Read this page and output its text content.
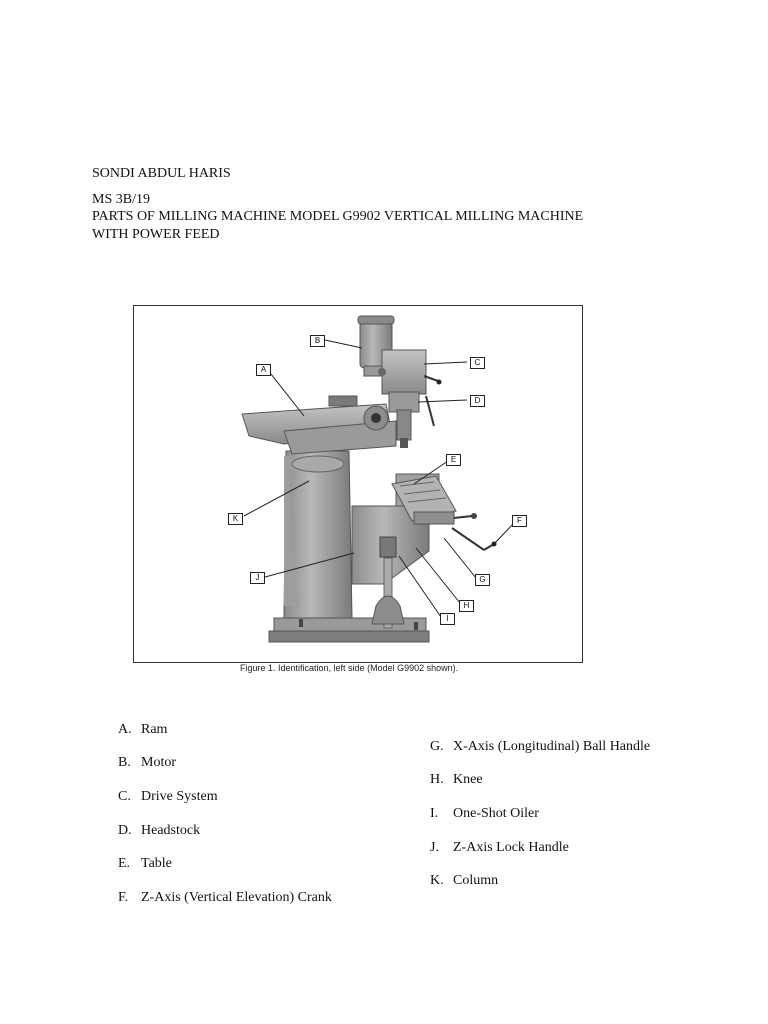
SONDI ABDUL HARIS
MS 3B/19
PARTS OF MILLING MACHINE MODEL G9902 VERTICAL MILLING MACHINE
WITH POWER FEED
A
B
C
D
E
F
G
H
I
J
K
Figure 1. Identification, left side (Model G9902 shown).
A. Ram
B. Motor
C. Drive System
D. Headstock
E. Table
F. Z-Axis (Vertical Elevation) Crank
G. X-Axis (Longitudinal) Ball Handle
H. Knee
I. One-Shot Oiler
J. Z-Axis Lock Handle
K. Column
